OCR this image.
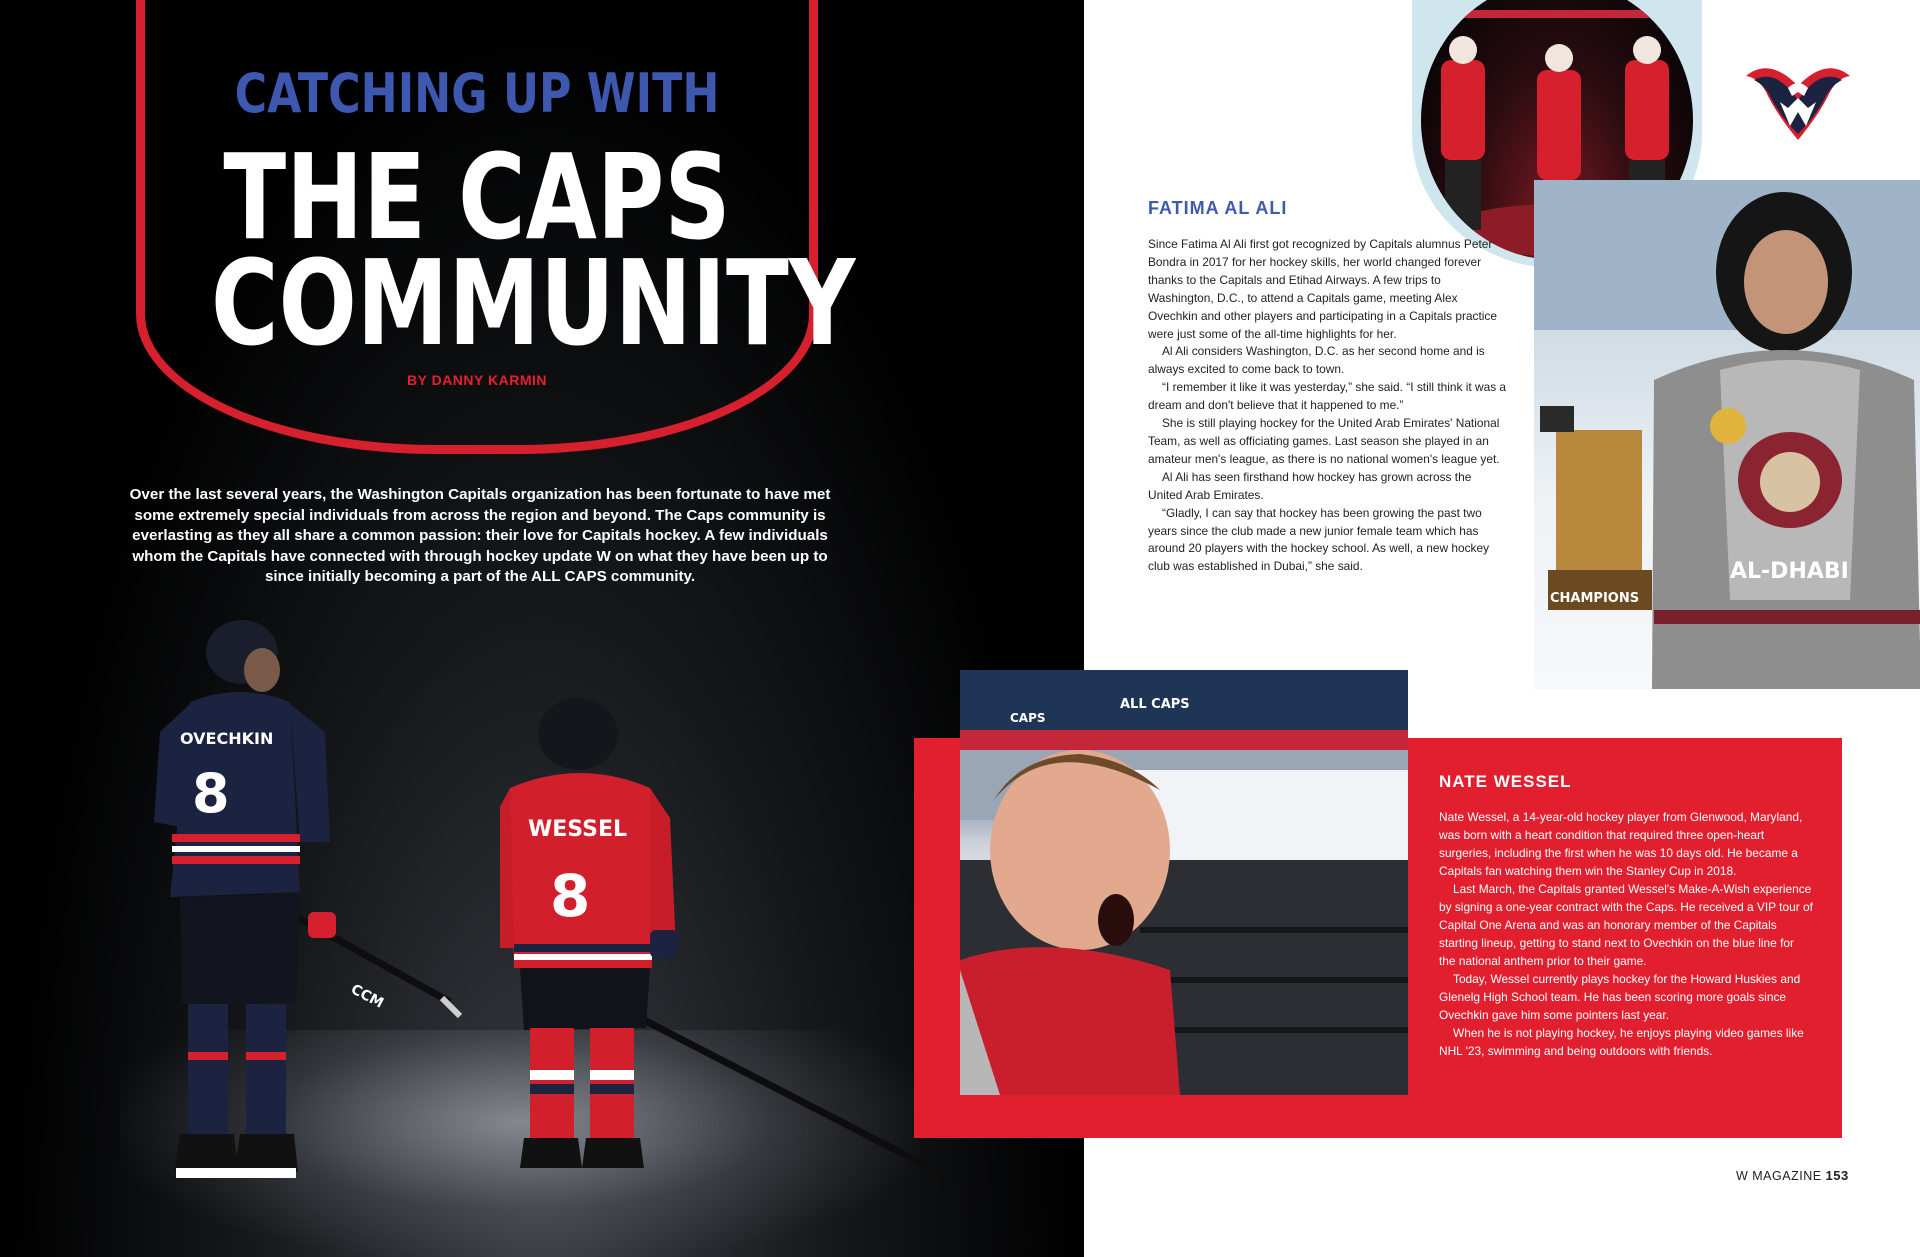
CATCHING UP WITH
THE CAPS
COMMUNITY
BY DANNY KARMIN

Over the last several years, the Washington Capitals organization has been fortunate to have met some extremely special individuals from across the region and beyond. The Caps community is everlasting as they all share a common passion: their love for Capitals hockey. A few individuals whom the Capitals have connected with through hockey update W on what they have been up to since initially becoming a part of the ALL CAPS community.

OVECHKIN
8
CCM
WESSEL
8
FATIMA AL ALI

Since Fatima Al Ali first got recognized by Capitals alumnus Peter Bondra in 2017 for her hockey skills, her world changed forever thanks to the Capitals and Etihad Airways. A few trips to Washington, D.C., to attend a Capitals game, meeting Alex Ovechkin and other players and participating in a Capitals practice were just some of the all-time highlights for her.

Al Ali considers Washington, D.C. as her second home and is always excited to come back to town.

“I remember it like it was yesterday,” she said. “I still think it was a dream and don't believe that it happened to me.”

She is still playing hockey for the United Arab Emirates' National Team, as well as officiating games. Last season she played in an amateur men's league, as there is no national women's league yet.

Al Ali has seen firsthand how hockey has grown across the United Arab Emirates.

“Gladly, I can say that hockey has been growing the past two years since the club made a new junior female team which has around 20 players with the hockey school. As well, a new hockey club was established in Dubai,” she said.

CHAMPIONS
AL-DHABI
ALL CAPS
CAPS
NATE WESSEL

Nate Wessel, a 14-year-old hockey player from Glenwood, Maryland, was born with a heart condition that required three open-heart surgeries, including the first when he was 10 days old. He became a Capitals fan watching them win the Stanley Cup in 2018.

Last March, the Capitals granted Wessel's Make-A-Wish experience by signing a one-year contract with the Caps. He received a VIP tour of Capital One Arena and was an honorary member of the Capitals starting lineup, getting to stand next to Ovechkin on the blue line for the national anthem prior to their game.

Today, Wessel currently plays hockey for the Howard Huskies and Glenelg High School team. He has been scoring more goals since Ovechkin gave him some pointers last year.

When he is not playing hockey, he enjoys playing video games like NHL '23, swimming and being outdoors with friends.

W MAGAZINE 153
